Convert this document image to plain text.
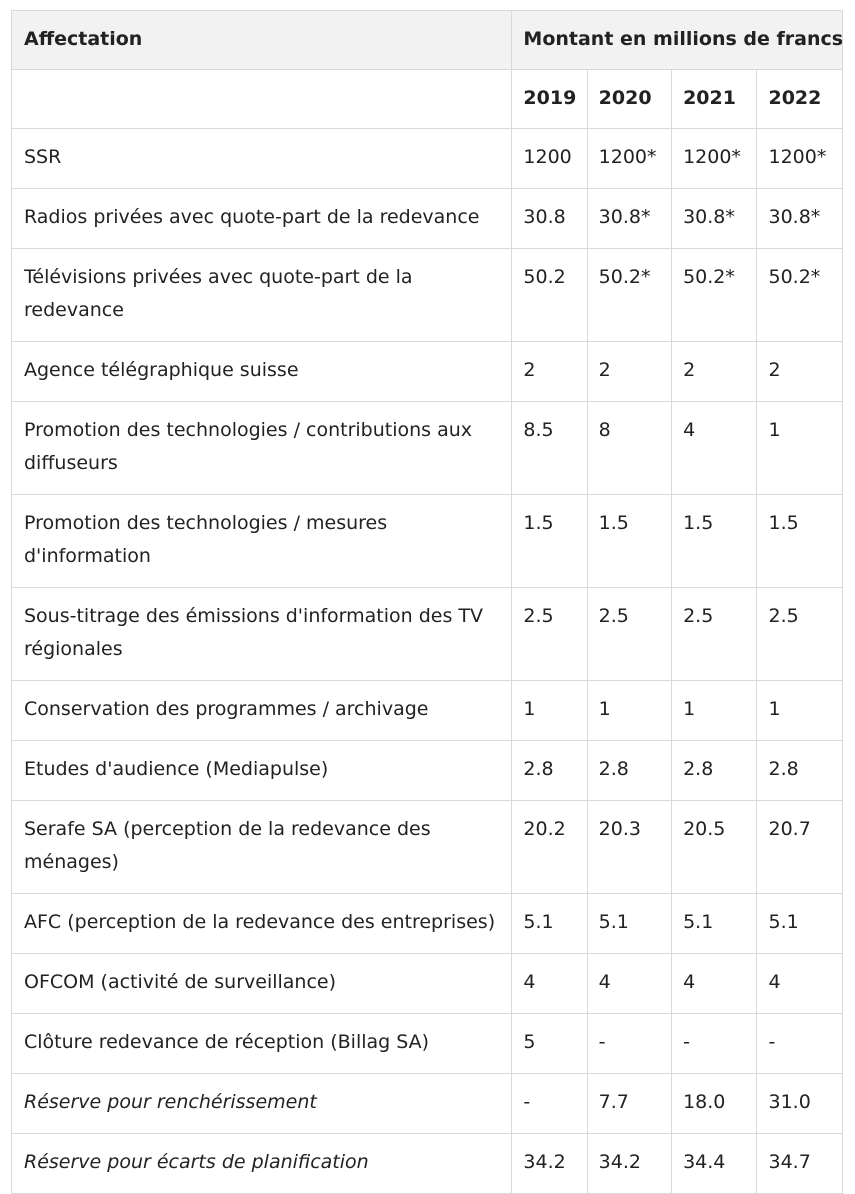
Affectation	Montant en millions de francs			
	2019	2020	2021	2022
SSR	1200	1200*	1200*	1200*
Radios privées avec quote-part de la redevance	30.8	30.8*	30.8*	30.8*
Télévisions privées avec quote-part de la redevance	50.2	50.2*	50.2*	50.2*
Agence télégraphique suisse	2	2	2	2
Promotion des technologies / contributions aux diffuseurs	8.5	8	4	1
Promotion des technologies / mesures d'information	1.5	1.5	1.5	1.5
Sous-titrage des émissions d'information des TV régionales	2.5	2.5	2.5	2.5
Conservation des programmes / archivage	1	1	1	1
Etudes d'audience (Mediapulse)	2.8	2.8	2.8	2.8
Serafe SA (perception de la redevance des ménages)	20.2	20.3	20.5	20.7
AFC (perception de la redevance des entreprises)	5.1	5.1	5.1	5.1
OFCOM (activité de surveillance)	4	4	4	4
Clôture redevance de réception (Billag SA)	5	-	-	-
Réserve pour renchérissement	-	7.7	18.0	31.0
Réserve pour écarts de planification	34.2	34.2	34.4	34.7
